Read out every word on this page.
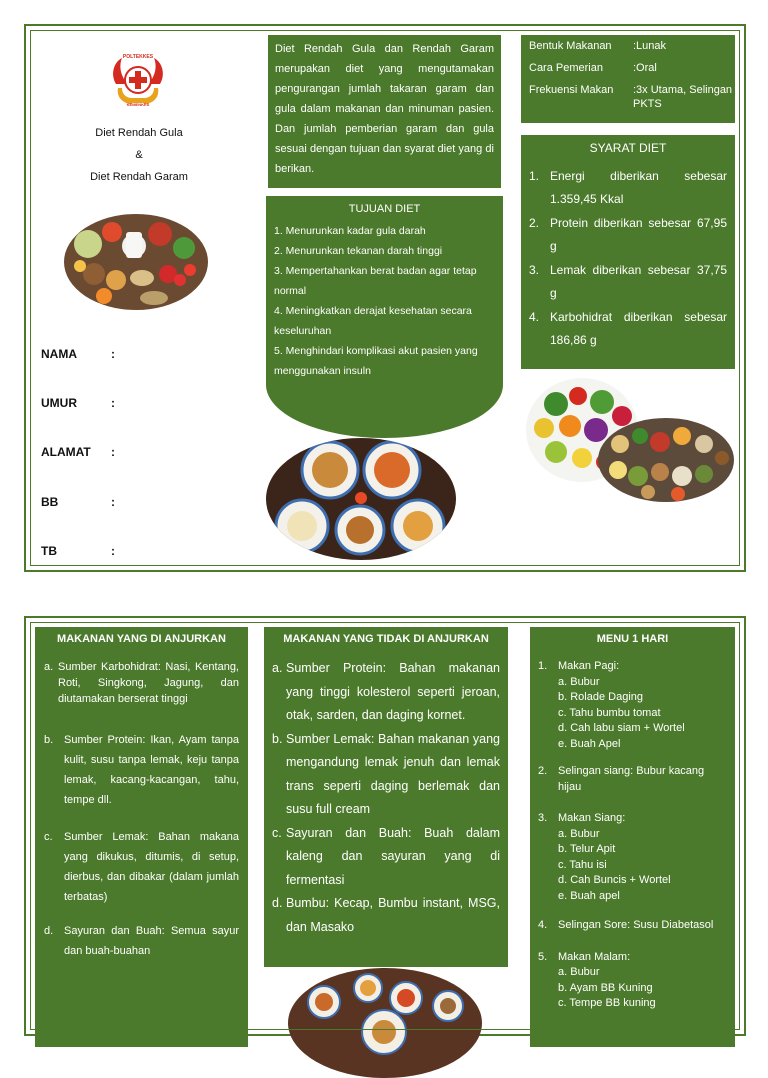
POLTEKKES
KEMENKES
Diet Rendah Gula
&
Diet Rendah Garam
NAMA	:
UMUR	:
ALAMAT :
BB	:
TB	:
Diet Rendah Gula dan Rendah Garam merupakan diet yang mengutamakan pengurangan jumlah takaran garam dan gula dalam makanan dan minuman pasien. Dan jumlah pemberian garam dan gula sesuai dengan tujuan dan syarat diet yang di berikan.
TUJUAN DIET
1. Menurunkan kadar gula darah
2. Menurunkan tekanan darah tinggi
3. Mempertahankan berat badan agar tetap normal
4. Meningkatkan derajat kesehatan secara keseluruhan
5. Menghindari komplikasi akut pasien yang menggunakan insuln
Bentuk Makanan :Lunak
Cara Pemerian	:Oral
Frekuensi Makan :3x Utama, Selingan PKTS
SYARAT DIET
1. Energi diberikan sebesar 1.359,45 Kkal
2. Protein diberikan sebesar 67,95 g
3. Lemak diberikan sebesar 37,75 g
4. Karbohidrat diberikan sebesar 186,86 g
MAKANAN YANG DI ANJURKAN
a. Sumber Karbohidrat: Nasi, Kentang, Roti, Singkong, Jagung, dan diutamakan berserat tinggi
b. Sumber Protein: Ikan, Ayam tanpa kulit, susu tanpa lemak, keju tanpa lemak, kacang-kacangan, tahu, tempe dll.
c. Sumber Lemak: Bahan makana yang dikukus, ditumis, di setup, dierbus, dan dibakar (dalam jumlah terbatas)
d. Sayuran dan Buah: Semua sayur dan buah-buahan
MAKANAN YANG TIDAK DI ANJURKAN
a. Sumber Protein: Bahan makanan yang tinggi kolesterol seperti jeroan, otak, sarden, dan daging kornet.
b. Sumber Lemak: Bahan makanan yang mengandung lemak jenuh dan lemak trans seperti daging berlemak dan susu full cream
c. Sayuran dan Buah: Buah dalam kaleng dan sayuran yang di fermentasi
d. Bumbu: Kecap, Bumbu instant, MSG, dan Masako
MENU 1 HARI
1. Makan Pagi:
a. Bubur
b. Rolade Daging
c. Tahu bumbu tomat
d. Cah labu siam + Wortel
e. Buah Apel
2. Selingan siang: Bubur kacang hijau
3. Makan Siang:
a. Bubur
b. Telur Apit
c. Tahu isi
d. Cah Buncis + Wortel
e. Buah apel
4. Selingan Sore: Susu Diabetasol
5. Makan Malam:
a. Bubur
b. Ayam BB Kuning
c. Tempe BB kuning
